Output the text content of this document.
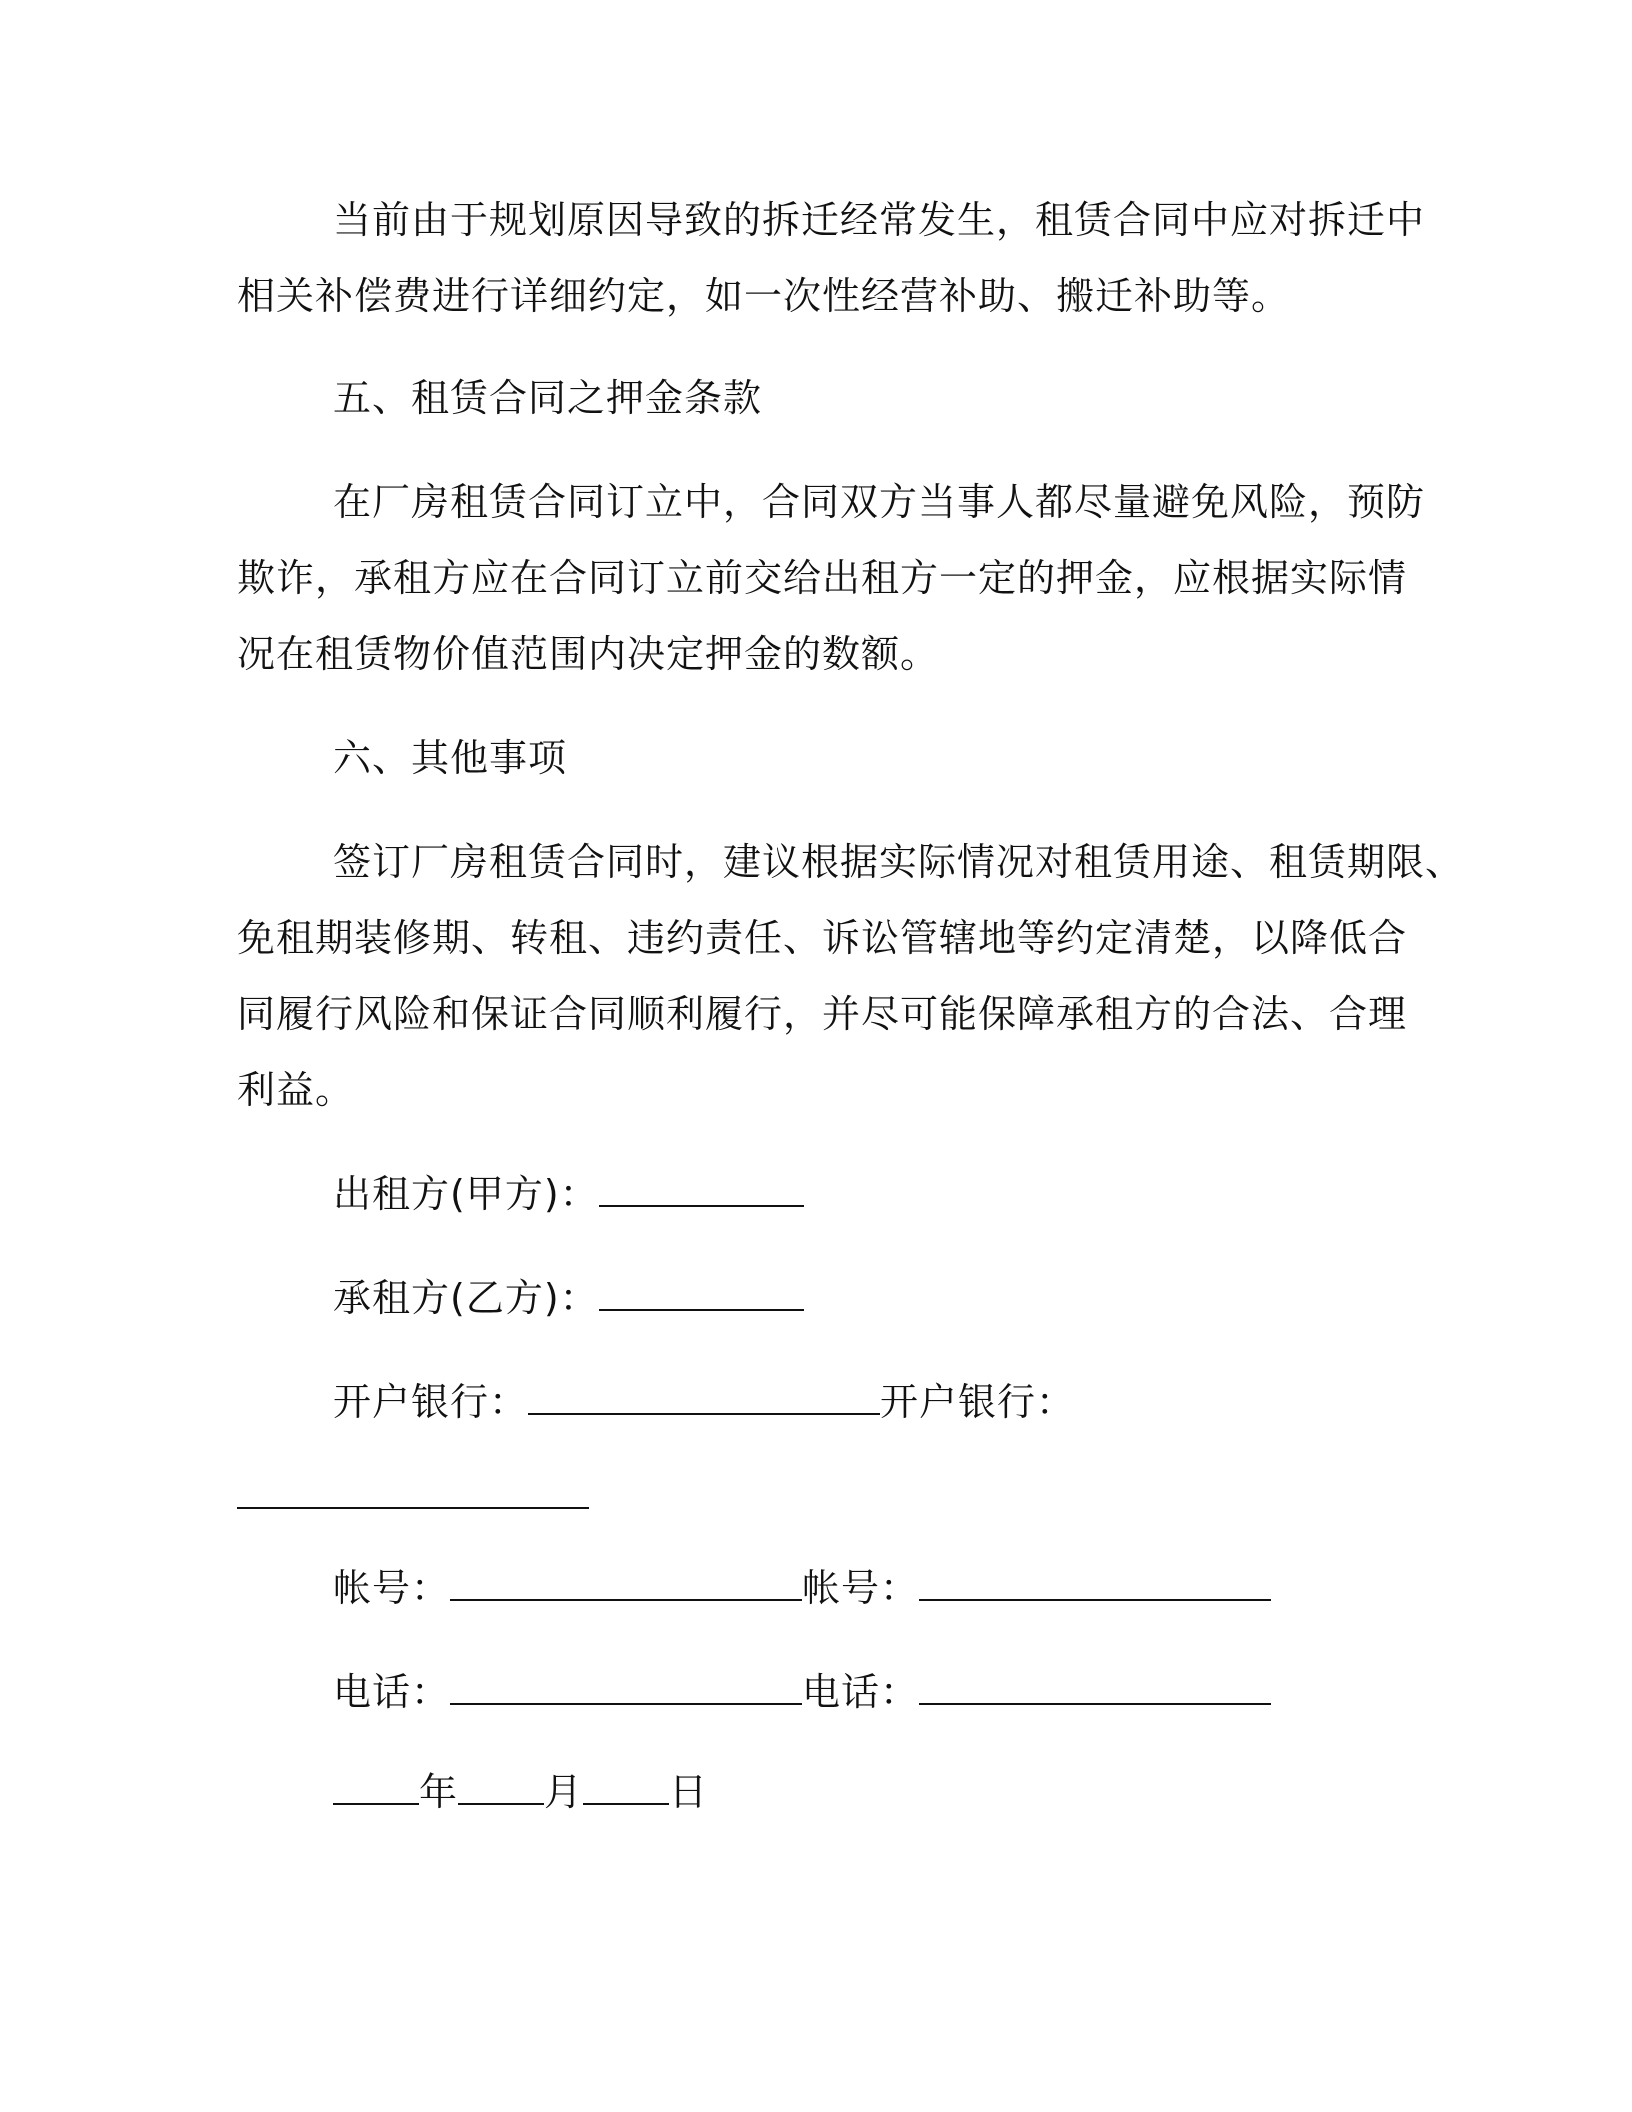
当前由于规划原因导致的拆迁经常发生，租赁合同中应对拆迁中
相关补偿费进行详细约定，如一次性经营补助、搬迁补助等。
五、租赁合同之押金条款
在厂房租赁合同订立中，合同双方当事人都尽量避免风险，预防
欺诈，承租方应在合同订立前交给出租方一定的押金，应根据实际情
况在租赁物价值范围内决定押金的数额。
六、其他事项
签订厂房租赁合同时，建议根据实际情况对租赁用途、租赁期限、
免租期装修期、转租、违约责任、诉讼管辖地等约定清楚，以降低合
同履行风险和保证合同顺利履行，并尽可能保障承租方的合法、合理
利益。
出租方(甲方)：
承租方(乙方)：
开户银行：	开户银行：
帐号：	帐号：
电话：	电话：
年 月 日
